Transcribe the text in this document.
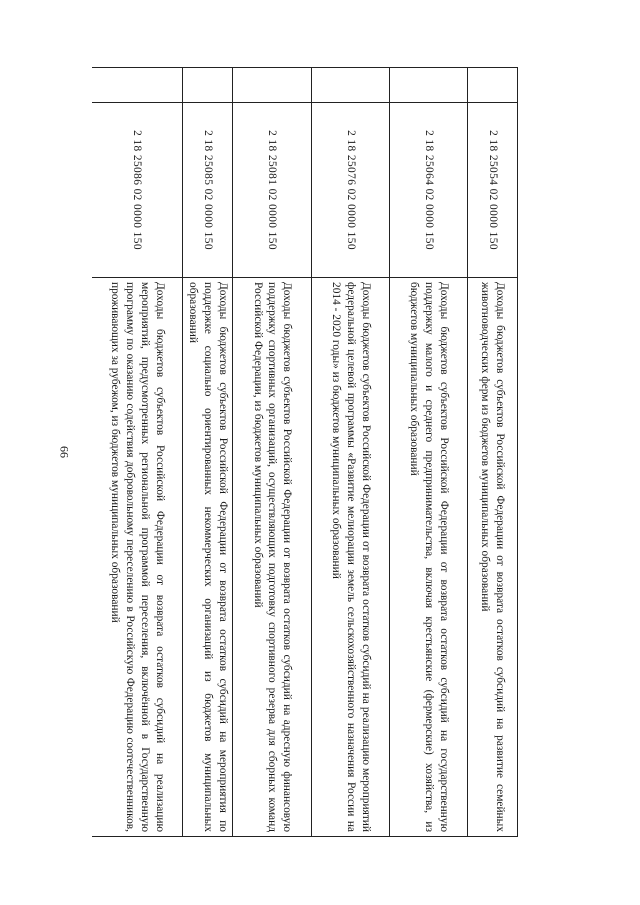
66
	2 18 25054 02 0000 150	Доходы бюджетов субъектов Российской Федерации от возврата остатков субсидий на развитие семейных животноводческих ферм из бюджетов муниципальных образований
	2 18 25064 02 0000 150	Доходы бюджетов субъектов Российской Федерации от возврата остатков субсидий на государственную поддержку малого и среднего предпринимательства, включая крестьянские (фермерские) хозяйства, из бюджетов муниципальных образований
	2 18 25076 02 0000 150	Доходы бюджетов субъектов Российской Федерации от возврата остатков субсидий на реализацию мероприятий федеральной целевой программы «Развитие мелиорации земель сельскохозяйственного назначения России на 2014 - 2020 годы» из бюджетов муниципальных образований
	2 18 25081 02 0000 150	Доходы бюджетов субъектов Российской Федерации от возврата остатков субсидий на адресную финансовую поддержку спортивных организаций, осуществляющих подготовку спортивного резерва для сборных команд Российской Федерации, из бюджетов муниципальных образований
	2 18 25085 02 0000 150	Доходы бюджетов субъектов Российской Федерации от возврата остатков субсидий на мероприятия по поддержке социально ориентированных некоммерческих организаций из бюджетов муниципальных образований
	2 18 25086 02 0000 150	Доходы бюджетов субъектов Российской Федерации от возврата остатков субсидий на реализацию мероприятий, предусмотренных региональной программой переселения, включённой в Государственную программу по оказанию содействия добровольному переселению в Российскую Федерацию соотечественников, проживающих за рубежом, из бюджетов муниципальных образований
